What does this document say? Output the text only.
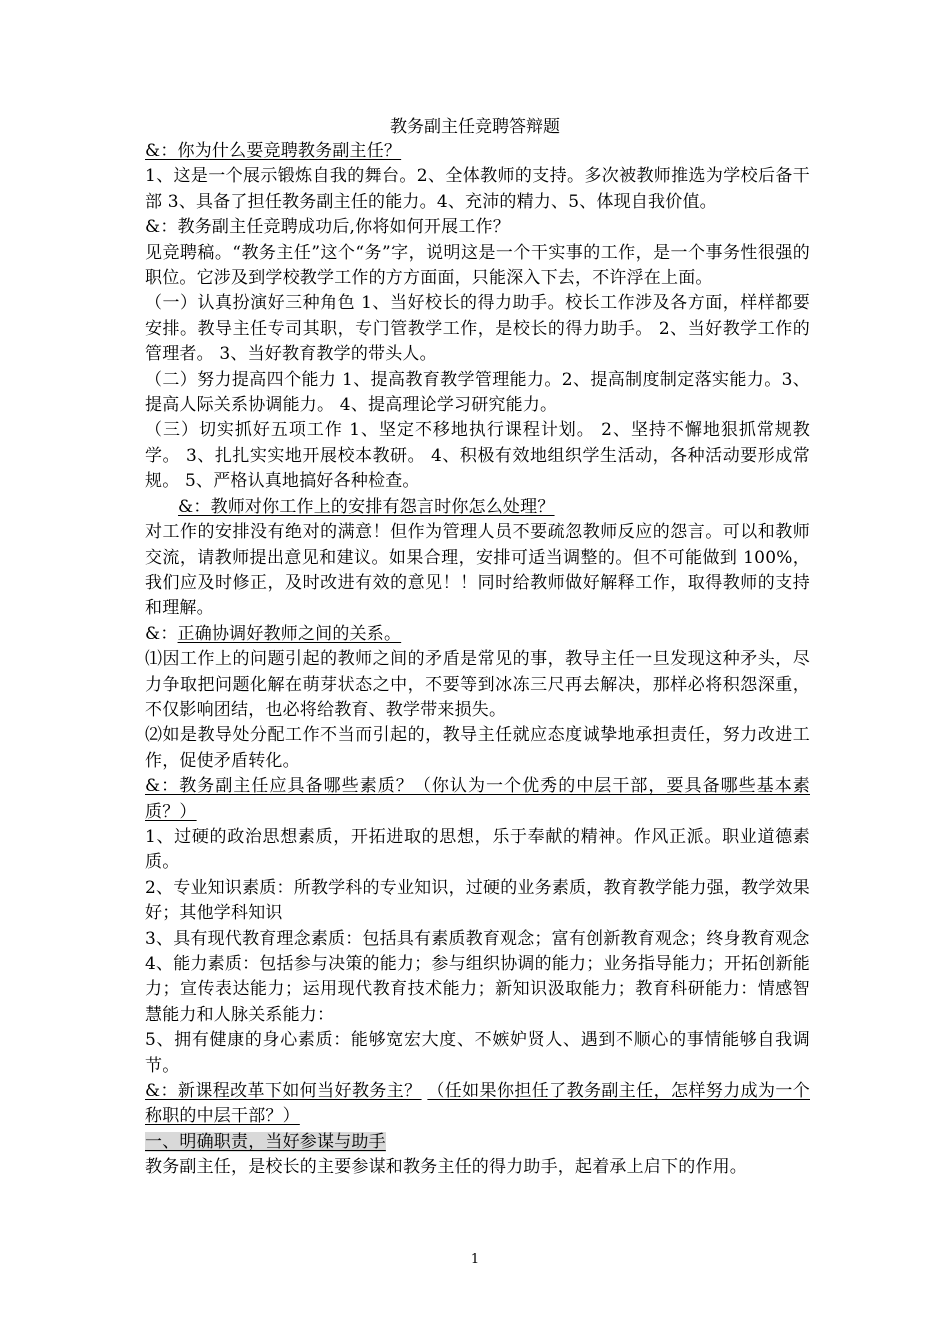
教务副主任竞聘答辩题

&：你为什么要竞聘教务副主任？

1、这是一个展示锻炼自我的舞台。2、全体教师的支持。多次被教师推选为学校后备干部 3、具备了担任教务副主任的能力。4、充沛的精力、5、体现自我价值。

&：教务副主任竞聘成功后,你将如何开展工作？

见竞聘稿。“教务主任”这个“务”字，说明这是一个干实事的工作，是一个事务性很强的职位。它涉及到学校教学工作的方方面面，只能深入下去，不许浮在上面。

（一）认真扮演好三种角色 1、当好校长的得力助手。校长工作涉及各方面，样样都要安排。教导主任专司其职，专门管教学工作，是校长的得力助手。 2、当好教学工作的管理者。 3、当好教育教学的带头人。

（二）努力提高四个能力 1、提高教育教学管理能力。2、提高制度制定落实能力。3、提高人际关系协调能力。 4、提高理论学习研究能力。

（三）切实抓好五项工作 1、坚定不移地执行课程计划。 2、坚持不懈地狠抓常规教学。 3、扎扎实实地开展校本教研。 4、积极有效地组织学生活动，各种活动要形成常规。 5、严格认真地搞好各种检查。

&：教师对你工作上的安排有怨言时你怎么处理？

对工作的安排没有绝对的满意！但作为管理人员不要疏忽教师反应的怨言。可以和教师交流，请教师提出意见和建议。如果合理，安排可适当调整的。但不可能做到 100%，我们应及时修正，及时改进有效的意见！！同时给教师做好解释工作，取得教师的支持和理解。

&：正确协调好教师之间的关系。

⑴因工作上的问题引起的教师之间的矛盾是常见的事，教导主任一旦发现这种矛头，尽力争取把问题化解在萌芽状态之中，不要等到冰冻三尺再去解决，那样必将积怨深重，不仅影响团结，也必将给教育、教学带来损失。

⑵如是教导处分配工作不当而引起的，教导主任就应态度诚挚地承担责任，努力改进工作，促使矛盾转化。

&：教务副主任应具备哪些素质？（你认为一个优秀的中层干部，要具备哪些基本素质？）

1、过硬的政治思想素质，开拓进取的思想，乐于奉献的精神。作风正派。职业道德素质。

2、专业知识素质：所教学科的专业知识，过硬的业务素质，教育教学能力强，教学效果好；其他学科知识

3、具有现代教育理念素质：包括具有素质教育观念；富有创新教育观念；终身教育观念

4、能力素质：包括参与决策的能力；参与组织协调的能力；业务指导能力；开拓创新能力；宣传表达能力；运用现代教育技术能力；新知识汲取能力；教育科研能力：情感智慧能力和人脉关系能力：

5、拥有健康的身心素质：能够宽宏大度、不嫉妒贤人、遇到不顺心的事情能够自我调节。

&：新课程改革下如何当好教务主？ （任如果你担任了教务副主任，怎样努力成为一个称职的中层干部？）

一、明确职责，当好参谋与助手

教务副主任，是校长的主要参谋和教务主任的得力助手，起着承上启下的作用。

1
